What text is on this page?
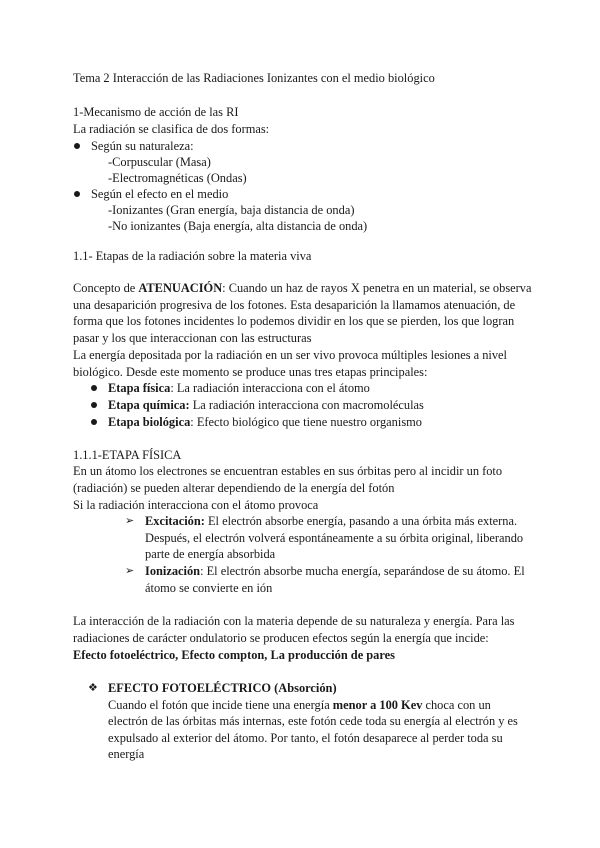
Tema 2 Interacción de las Radiaciones Ionizantes con el medio biológico

1-Mecanismo de acción de las RI

La radiación se clasifica de dos formas:

Según su naturaleza:
-Corpuscular (Masa)
-Electromagnéticas (Ondas)
Según el efecto en el medio
-Ionizantes (Gran energía, baja distancia de onda)
-No ionizantes (Baja energía, alta distancia de onda)

1.1- Etapas de la radiación sobre la materia viva

Concepto de ATENUACIÓN: Cuando un haz de rayos X penetra en un material, se observa una desaparición progresiva de los fotones. Esta desaparición la llamamos atenuación, de forma que los fotones incidentes lo podemos dividir en los que se pierden, los que logran pasar y los que interaccionan con las estructuras

La energía depositada por la radiación en un ser vivo provoca múltiples lesiones a nivel biológico. Desde este momento se produce unas tres etapas principales:

Etapa física: La radiación interacciona con el átomo
Etapa química: La radiación interacciona con macromoléculas
Etapa biológica: Efecto biológico que tiene nuestro organismo

1.1.1-ETAPA FÍSICA

En un átomo los electrones se encuentran estables en sus órbitas pero al incidir un foto

(radiación) se pueden alterar dependiendo de la energía del fotón

Si la radiación interacciona con el átomo provoca

➢ Excitación: El electrón absorbe energía, pasando a una órbita más externa. Después, el electrón volverá espontáneamente a su órbita original, liberando parte de energía absorbida
➢ Ionización: El electrón absorbe mucha energía, separándose de su átomo. El átomo se convierte en ión

La interacción de la radiación con la materia depende de su naturaleza y energía. Para las radiaciones de carácter ondulatorio se producen efectos según la energía que incide:

Efecto fotoeléctrico, Efecto compton, La producción de pares

❖ EFECTO FOTOELÉCTRICO (Absorción)

Cuando el fotón que incide tiene una energía menor a 100 Kev choca con un electrón de las órbitas más internas, este fotón cede toda su energía al electrón y es expulsado al exterior del átomo. Por tanto, el fotón desaparece al perder toda su energía
